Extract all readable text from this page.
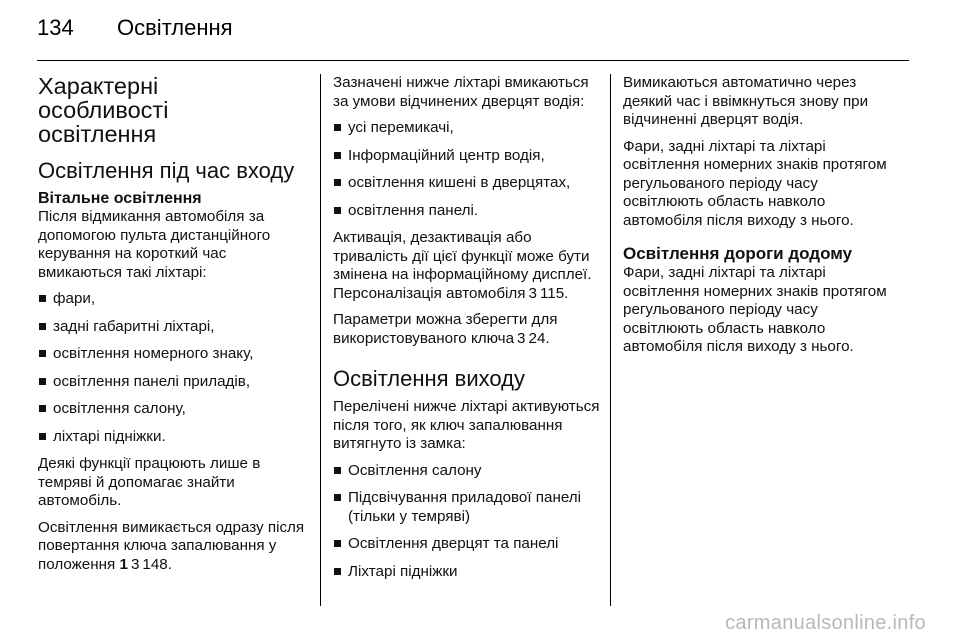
134 Освітлення
Характерні
особливості
освітлення
Освітлення під час входу
Вітальне освітлення

Після відмикання автомобіля за допомогою пульта дистанційного керування на короткий час вмикаються такі ліхтарі:

фари,
задні габаритні ліхтарі,
освітлення номерного знаку,
освітлення панелі приладів,
освітлення салону,
ліхтарі підніжки.

Деякі функції працюють лише в темряві й допомагає знайти автомобіль.

Освітлення вимикається одразу після повертання ключа запалювання у положення 1 3 148.

Зазначені нижче ліхтарі вмикаються за умови відчинених дверцят водія:

усі перемикачі,
Інформаційний центр водія,
освітлення кишені в дверцятах,
освітлення панелі.

Активація, дезактивація або тривалість дії цієї функції може бути змінена на інформаційному дисплеї.

Персоналізація автомобіля 3 115.

Параметри можна зберегти для використовуваного ключа 3 24.

Освітлення виходу

Перелічені нижче ліхтарі активуються після того, як ключ запалювання витягнуто із замка:

Освітлення салону
Підсвічування приладової панелі (тільки у темряві)
Освітлення дверцят та панелі
Ліхтарі підніжки

Вимикаються автоматично через деякий час і ввімкнуться знову при відчиненні дверцят водія.

Фари, задні ліхтарі та ліхтарі освітлення номерних знаків протягом регульованого періоду часу освітлюють область навколо автомобіля після виходу з нього.

Освітлення дороги додому

Фари, задні ліхтарі та ліхтарі освітлення номерних знаків протягом регульованого періоду часу освітлюють область навколо автомобіля після виходу з нього.

carmanualsonline.info
